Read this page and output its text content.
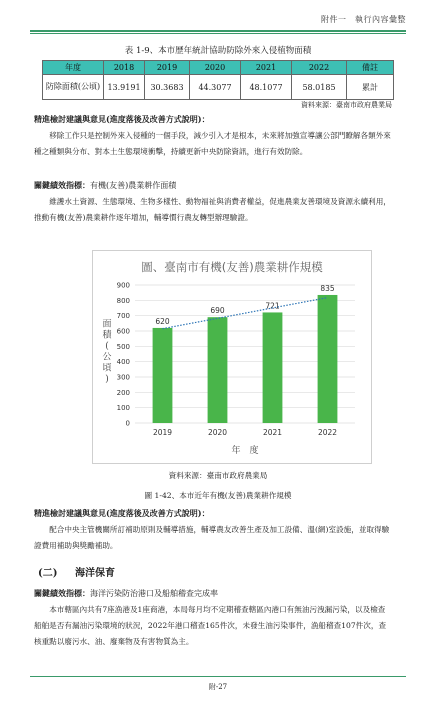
附件一　執行內容彙整
表 1-9、本市歷年統計協助防除外來入侵植物面積
年度	2018	2019	2020	2021	2022	備註
防除面積(公頃)	13.9191	30.3683	44.3077	48.1077	58.0185	累計
資料來源：臺南市政府農業局
精進檢討建議與意見(進度落後及改善方式說明)：
移除工作只是控制外來入侵種的一個手段，減少引入才是根本，未來將加強宣導讓公部門瞭解各類外來種之種類與分布、對本土生態環境衝擊，持續更新中央防除資訊，進行有效防除。
關鍵績效指標：有機(友善)農業耕作面積
維護水土資源、生態環境、生物多樣性、動物福祉與消費者權益，促進農業友善環境及資源永續利用，推動有機(友善)農業耕作逐年增加，輔導慣行農友轉型辦理驗證。
圖、臺南市有機(友善)農業耕作規模
0
100
200
300
400
500
600
700
800
900
620
2019
690
2020
721
2021
835
2022
面
積
(
公
頃
)
年　度
資料來源：臺南市政府農業局
圖 1-42、本市近年有機(友善)農業耕作規模
精進檢討建議與意見(進度落後及改善方式說明)：
配合中央主管機關所訂補助原則及輔導措施，輔導農友改善生產及加工設備、溫(網)室設施，並取得驗證費用補助與獎勵補助。
(二) 海洋保育
關鍵績效指標：海洋污染防治港口及船舶稽查完成率
本市轄區內共有7座漁港及1座商港，本局每月均不定期稽查轄區內港口有無油污洩漏污染，以及檢查船舶是否有漏油污染環境的狀況，2022年港口稽查165件次，未發生油污染事件，漁船稽查107件次，查核重點以廢污水、油、廢棄物及有害物質為主。
附-27
